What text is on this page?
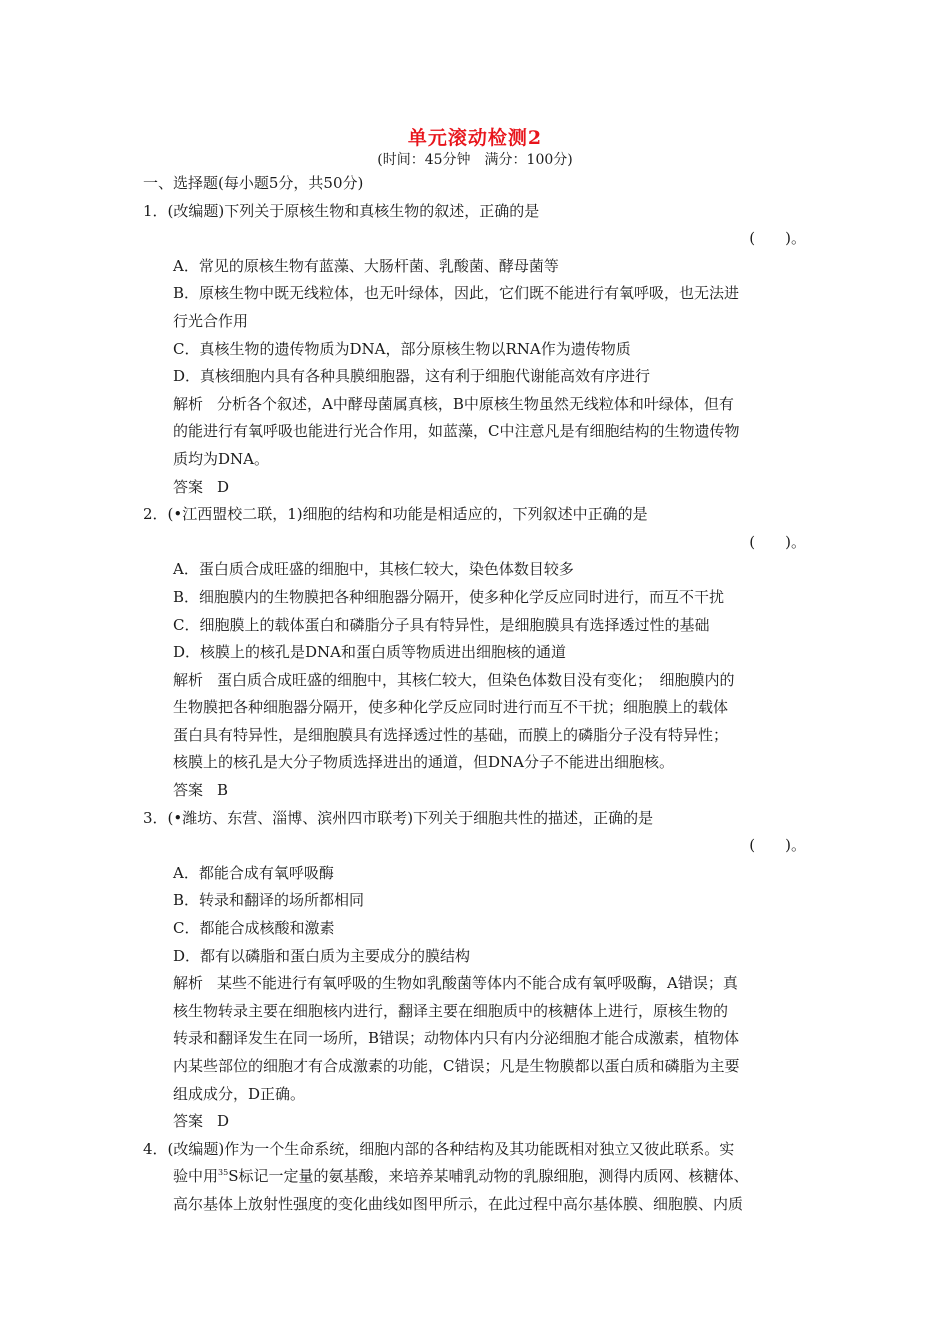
单元滚动检测2
(时间：45分钟　满分：100分)
一、选择题(每小题5分，共50分)
1．(改编题)下列关于原核生物和真核生物的叙述，正确的是
(　　)。
A．常见的原核生物有蓝藻、大肠杆菌、乳酸菌、酵母菌等
B．原核生物中既无线粒体，也无叶绿体，因此，它们既不能进行有氧呼吸，也无法进
行光合作用
C．真核生物的遗传物质为DNA，部分原核生物以RNA作为遗传物质
D．真核细胞内具有各种具膜细胞器，这有利于细胞代谢能高效有序进行
解析 分析各个叙述，A中酵母菌属真核，B中原核生物虽然无线粒体和叶绿体，但有
的能进行有氧呼吸也能进行光合作用，如蓝藻，C中注意凡是有细胞结构的生物遗传物
质均为DNA。
答案 D
2．(•江西盟校二联，1)细胞的结构和功能是相适应的，下列叙述中正确的是
(　　)。
A．蛋白质合成旺盛的细胞中，其核仁较大，染色体数目较多
B．细胞膜内的生物膜把各种细胞器分隔开，使多种化学反应同时进行，而互不干扰
C．细胞膜上的载体蛋白和磷脂分子具有特异性，是细胞膜具有选择透过性的基础
D．核膜上的核孔是DNA和蛋白质等物质进出细胞核的通道
解析 蛋白质合成旺盛的细胞中，其核仁较大，但染色体数目没有变化；　细胞膜内的
生物膜把各种细胞器分隔开，使多种化学反应同时进行而互不干扰；细胞膜上的载体
蛋白具有特异性，是细胞膜具有选择透过性的基础，而膜上的磷脂分子没有特异性；
核膜上的核孔是大分子物质选择进出的通道，但DNA分子不能进出细胞核。
答案 B
3．(•潍坊、东营、淄博、滨州四市联考)下列关于细胞共性的描述，正确的是
(　　)。
A．都能合成有氧呼吸酶
B．转录和翻译的场所都相同
C．都能合成核酸和激素
D．都有以磷脂和蛋白质为主要成分的膜结构
解析 某些不能进行有氧呼吸的生物如乳酸菌等体内不能合成有氧呼吸酶，A错误；真
核生物转录主要在细胞核内进行，翻译主要在细胞质中的核糖体上进行，原核生物的
转录和翻译发生在同一场所，B错误；动物体内只有内分泌细胞才能合成激素，植物体
内某些部位的细胞才有合成激素的功能，C错误；凡是生物膜都以蛋白质和磷脂为主要
组成成分，D正确。
答案 D
4．(改编题)作为一个生命系统，细胞内部的各种结构及其功能既相对独立又彼此联系。实
验中用$^{35}$S标记一定量的氨基酸，来培养某哺乳动物的乳腺细胞，测得内质网、核糖体、
高尔基体上放射性强度的变化曲线如图甲所示，在此过程中高尔基体膜、细胞膜、内质
